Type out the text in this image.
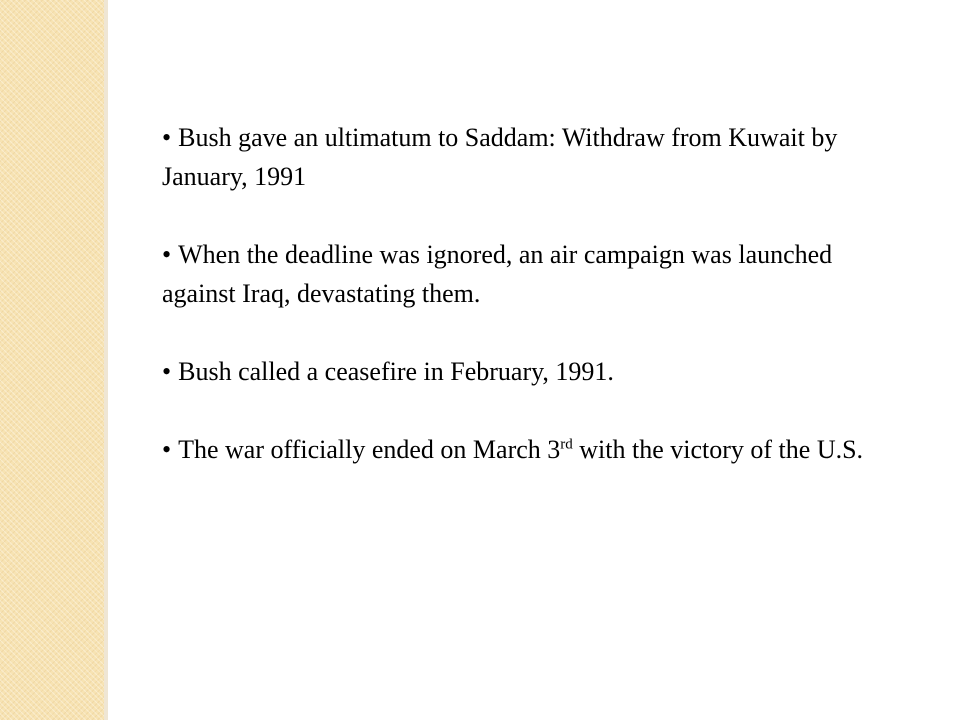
• Bush gave an ultimatum to Saddam: Withdraw from Kuwait by January, 1991

• When the deadline was ignored, an air campaign was launched against Iraq, devastating them.

• Bush called a ceasefire in February, 1991.

• The war officially ended on March 3rd with the victory of the U.S.
